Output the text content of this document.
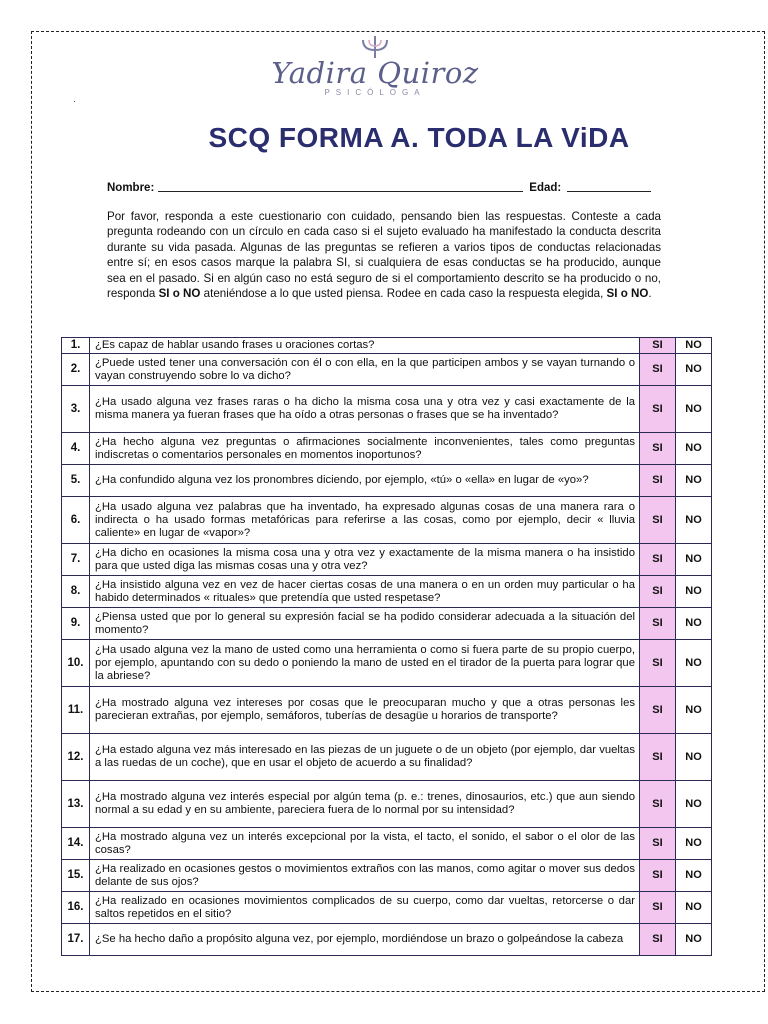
.
Yadira Quiroz
PSICÓLOGA
SCQ FORMA A. TODA LA ViDA
Nombre:	Edad:
Por favor, responda a este cuestionario con cuidado, pensando bien las respuestas. Conteste a cada pregunta rodeando con un círculo en cada caso si el sujeto evaluado ha manifestado la conducta descrita durante su vida pasada. Algunas de las preguntas se refieren a varios tipos de conductas relacionadas entre sí; en esos casos marque la palabra SI, si cualquiera de esas conductas se ha producido, aunque sea en el pasado. Si en algún caso no está seguro de si el comportamiento descrito se ha producido o no, responda SI o NO ateniéndose a lo que usted piensa. Rodee en cada caso la respuesta elegida, SI o NO.
1.	¿Es capaz de hablar usando frases u oraciones cortas?	SI	NO
2.	¿Puede usted tener una conversación con él o con ella, en la que participen ambos y se vayan turnando o vayan construyendo sobre lo va dicho?	SI	NO
3.	¿Ha usado alguna vez frases raras o ha dicho la misma cosa una y otra vez y casi exactamente de la misma manera ya fueran frases que ha oído a otras personas o frases que se ha inventado?	SI	NO
4.	¿Ha hecho alguna vez preguntas o afirmaciones socialmente inconvenientes, tales como preguntas indiscretas o comentarios personales en momentos inoportunos?	SI	NO
5.	¿Ha confundido alguna vez los pronombres diciendo, por ejemplo, «tú» o «ella» en lugar de «yo»?	SI	NO
6.	¿Ha usado alguna vez palabras que ha inventado, ha expresado algunas cosas de una manera rara o indirecta o ha usado formas metafóricas para referirse a las cosas, como por ejemplo, decir « lluvia caliente» en lugar de «vapor»?	SI	NO
7.	¿Ha dicho en ocasiones la misma cosa una y otra vez y exactamente de la misma manera o ha insistido para que usted diga las mismas cosas una y otra vez?	SI	NO
8.	¿Ha insistido alguna vez en vez de hacer ciertas cosas de una manera o en un orden muy particular o ha habido determinados « rituales» que pretendía que usted respetase?	SI	NO
9.	¿Piensa usted que por lo general su expresión facial se ha podido considerar adecuada a la situación del momento?	SI	NO
10.	¿Ha usado alguna vez la mano de usted como una herramienta o como si fuera parte de su propio cuerpo, por ejemplo, apuntando con su dedo o poniendo la mano de usted en el tirador de la puerta para lograr que la abriese?	SI	NO
11.	¿Ha mostrado alguna vez intereses por cosas que le preocuparan mucho y que a otras personas les parecieran extrañas, por ejemplo, semáforos, tuberías de desagüe u horarios de transporte?	SI	NO
12.	¿Ha estado alguna vez más interesado en las piezas de un juguete o de un objeto (por ejemplo, dar vueltas a las ruedas de un coche), que en usar el objeto de acuerdo a su finalidad?	SI	NO
13.	¿Ha mostrado alguna vez interés especial por algún tema (p. e.: trenes, dinosaurios, etc.) que aun siendo normal a su edad y en su ambiente, pareciera fuera de lo normal por su intensidad?	SI	NO
14.	¿Ha mostrado alguna vez un interés excepcional por la vista, el tacto, el sonido, el sabor o el olor de las cosas?	SI	NO
15.	¿Ha realizado en ocasiones gestos o movimientos extraños con las manos, como agitar o mover sus dedos delante de sus ojos?	SI	NO
16.	¿Ha realizado en ocasiones movimientos complicados de su cuerpo, como dar vueltas, retorcerse o dar saltos repetidos en el sitio?	SI	NO
17.	¿Se ha hecho daño a propósito alguna vez, por ejemplo, mordiéndose un brazo o golpeándose la cabeza	SI	NO
